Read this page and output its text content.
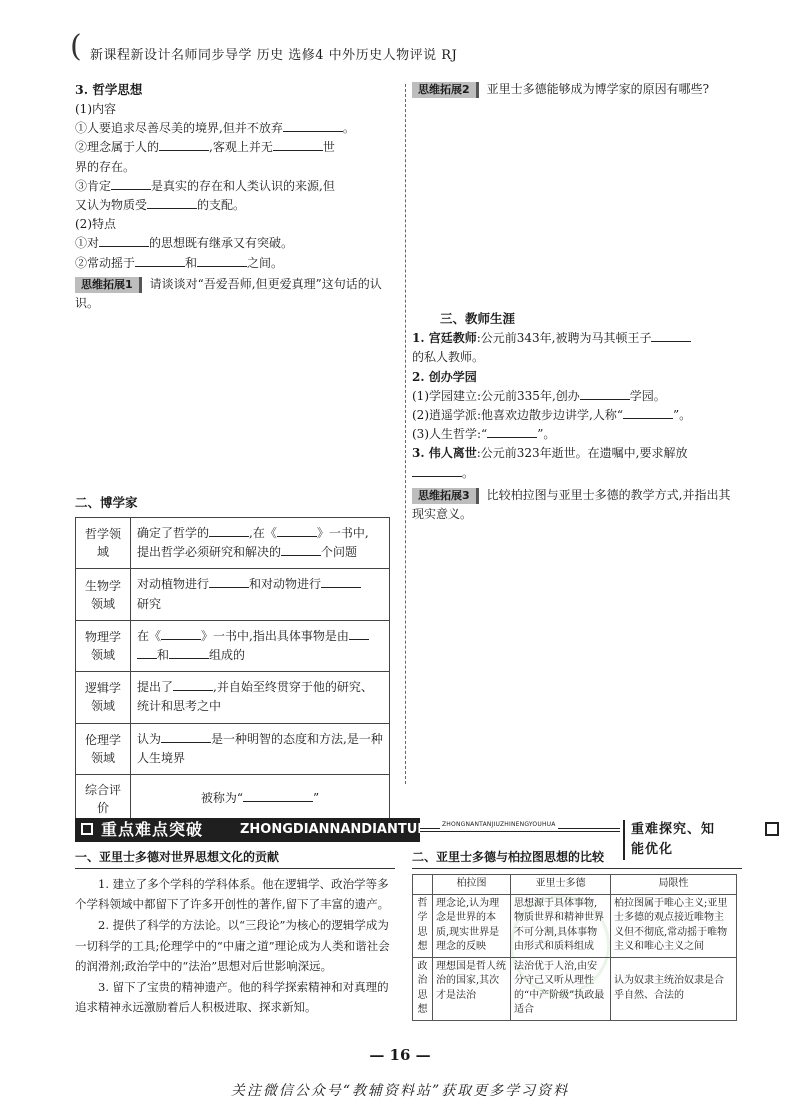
( 新课程新设计名师同步导学 历史 选修4 中外历史人物评说 RJ
3. 哲学思想
(1)内容
①人要追求尽善尽美的境界,但并不放弃	。
②理念属于人的	,客观上并无	世
界的存在。
③肯定	是真实的存在和人类认识的来源,但
又认为物质受	的支配。
(2)特点
①对	的思想既有继承又有突破。
②常动摇于	和	之间。
思维拓展1 请谈谈对“吾爱吾师,但更爱真理”这句话的认识。
二、博学家
哲学领域	确定了哲学的 ,在《 》一书中,
提出哲学必须研究和解决的 个问题
生物学领域	对动植物进行 和对动物进行
研究
物理学领域	在《 》一书中,指出具体事物是由
和 组成的
逻辑学领域	提出了 ,并自始至终贯穿于他的研究、统计和思考之中
伦理学领域	认为 是一种明智的态度和方法,是一种人生境界
综合评价	被称为“ ”
思维拓展2 亚里士多德能够成为博学家的原因有哪些?
三、教师生涯
1. 宫廷教师:公元前343年,被聘为马其顿王子
的私人教师。
2. 创办学园
(1)学园建立:公元前335年,创办	学园。
(2)逍遥学派:他喜欢边散步边讲学,人称“	”。
(3)人生哲学:“	”。
3. 伟人离世:公元前323年逝世。在遗嘱中,要求解放
。
思维拓展3 比较柏拉图与亚里士多德的教学方式,并指出其现实意义。
重点难点突破	ZHONGDIANNANDIANTUPO ZHONGNANTANJIUZHINENGYOUHUA	重难探究、知能优化
一、亚里士多德对世界思想文化的贡献
1. 建立了多个学科的学科体系。他在逻辑学、政治学等多个学科领域中都留下了许多开创性的著作,留下了丰富的遗产。
2. 提供了科学的方法论。以“三段论”为核心的逻辑学成为一切科学的工具;伦理学中的“中庸之道”理论成为人类和谐社会的润滑剂;政治学中的“法治”思想对后世影响深远。
3. 留下了宝贵的精神遗产。他的科学探索精神和对真理的追求精神永远激励着后人积极进取、探求新知。
二、亚里士多德与柏拉图思想的比较
	柏拉图	亚里士多德	局限性
哲学思想	理念论,认为理念是世界的本质,现实世界是理念的反映	思想源于具体事物,物质世界和精神世界不可分割,具体事物由形式和质料组成	柏拉图属于唯心主义;亚里士多德的观点接近唯物主义但不彻底,常动摇于唯物主义和唯心主义之间
政治思想	理想国是哲人统治的国家,其次才是法治	法治优于人治,由安分守己又听从理性的“中产阶级”执政最适合	认为奴隶主统治奴隶是合乎自然、合法的
— 16 —
关注微信公众号“教辅资料站”获取更多学习资料
